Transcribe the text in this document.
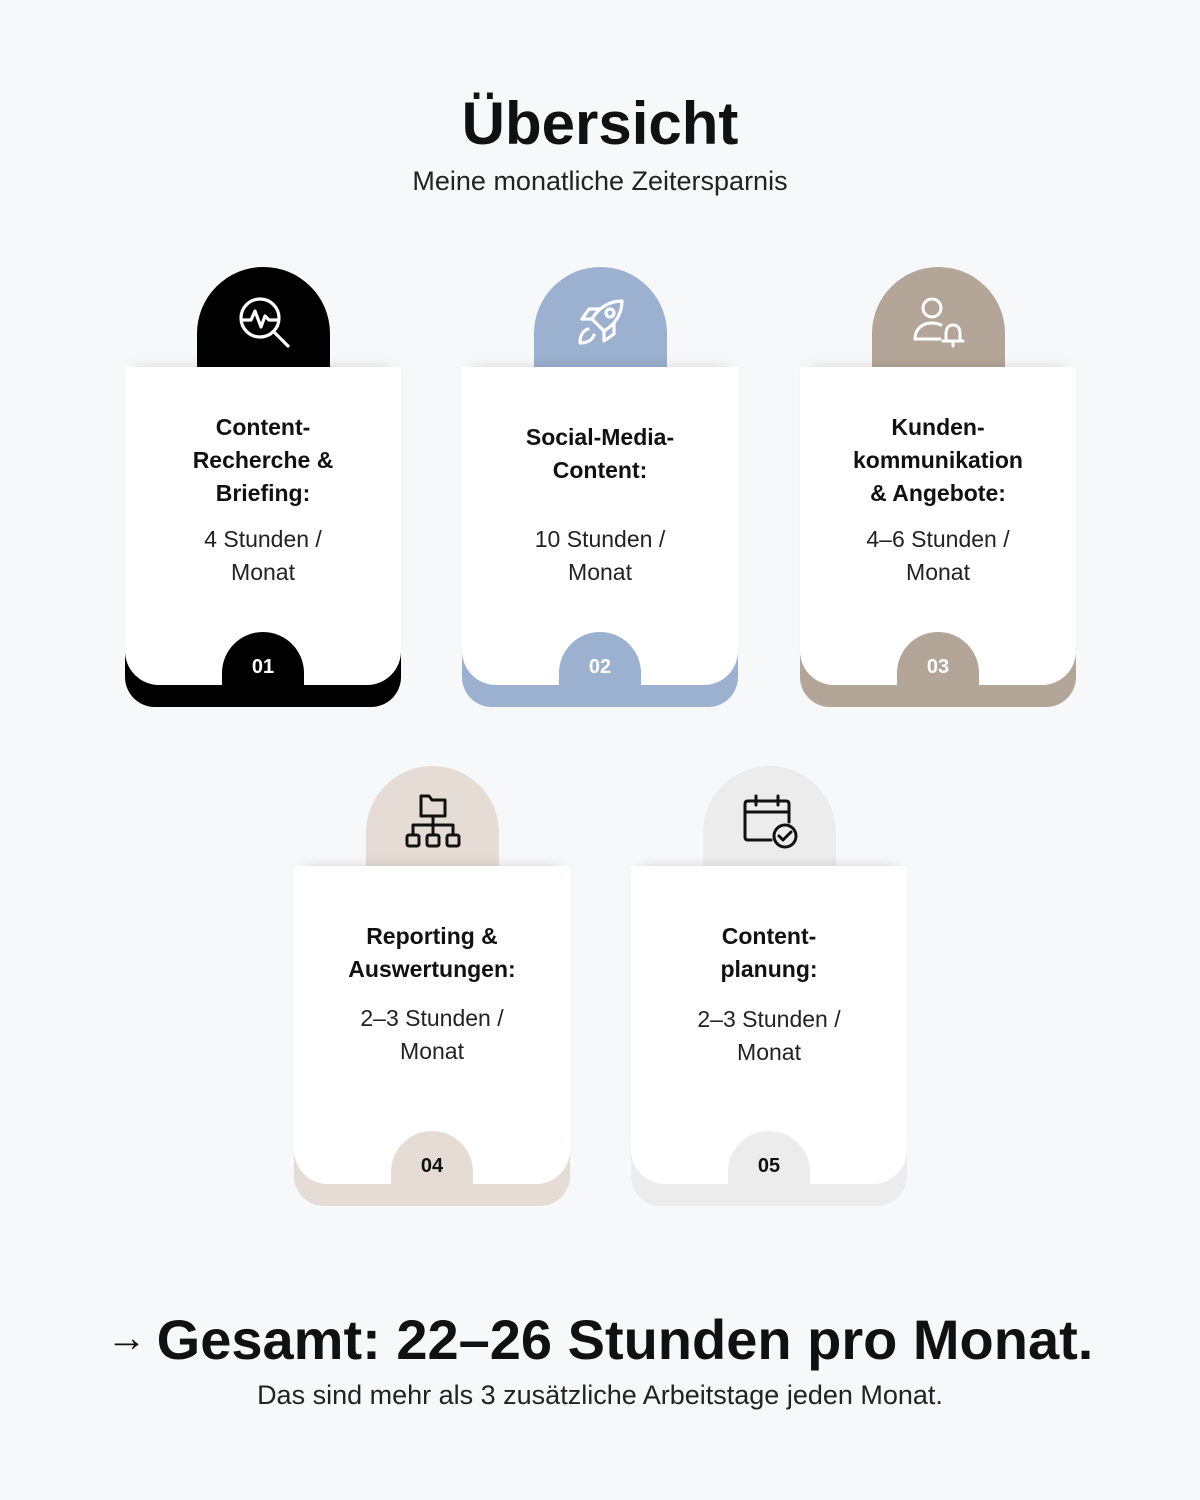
Übersicht
Meine monatliche Zeitersparnis
Content-
Recherche &
Briefing:
4 Stunden /
Monat
01
Social-Media-
Content:
10 Stunden /
Monat
02
Kunden-
kommunikation
& Angebote:
4–6 Stunden /
Monat
03
Reporting &
Auswertungen:
2–3 Stunden /
Monat
04
Content-
planung:
2–3 Stunden /
Monat
05
→ Gesamt: 22–26 Stunden pro Monat.
Das sind mehr als 3 zusätzliche Arbeitstage jeden Monat.
